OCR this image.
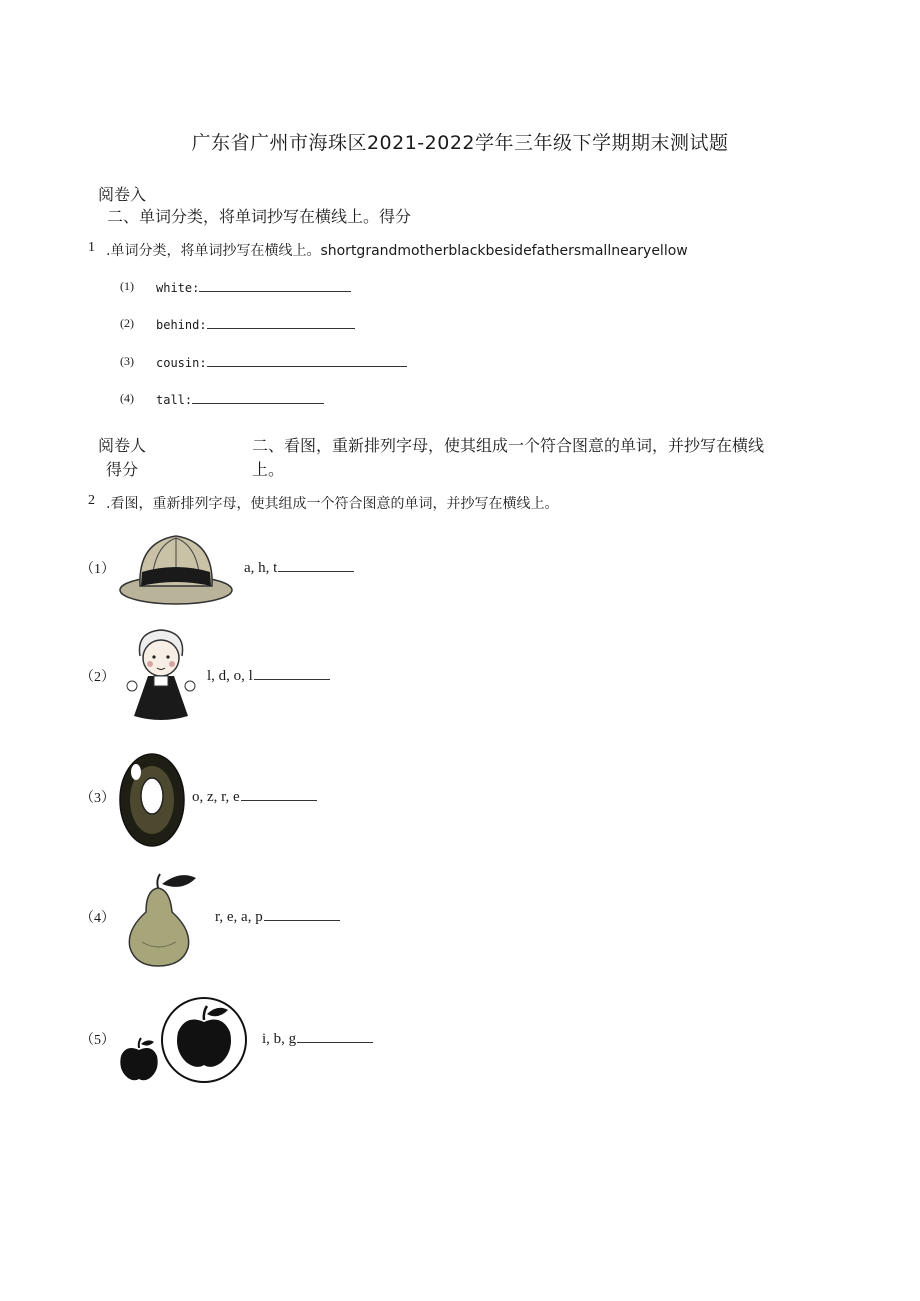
广东省广州市海珠区2021-2022学年三年级下学期期末测试题
阅卷入
二、单词分类，将单词抄写在横线上。得分
1 .单词分类，将单词抄写在横线上。shortgrandmotherblackbesidefathersmallnearyellow
(1) white:
(2) behind:
(3) cousin:
(4) tall:
阅卷人
得分
二、看图，重新排列字母，使其组成一个符合图意的单词，并抄写在横线
上。
2 .看图，重新排列字母，使其组成一个符合图意的单词，并抄写在横线上。
（1）	a, h, t
（2）	l, d, o, l
（3）	o, z, r, e
（4）	r, e, a, p
（5）	i, b, g
